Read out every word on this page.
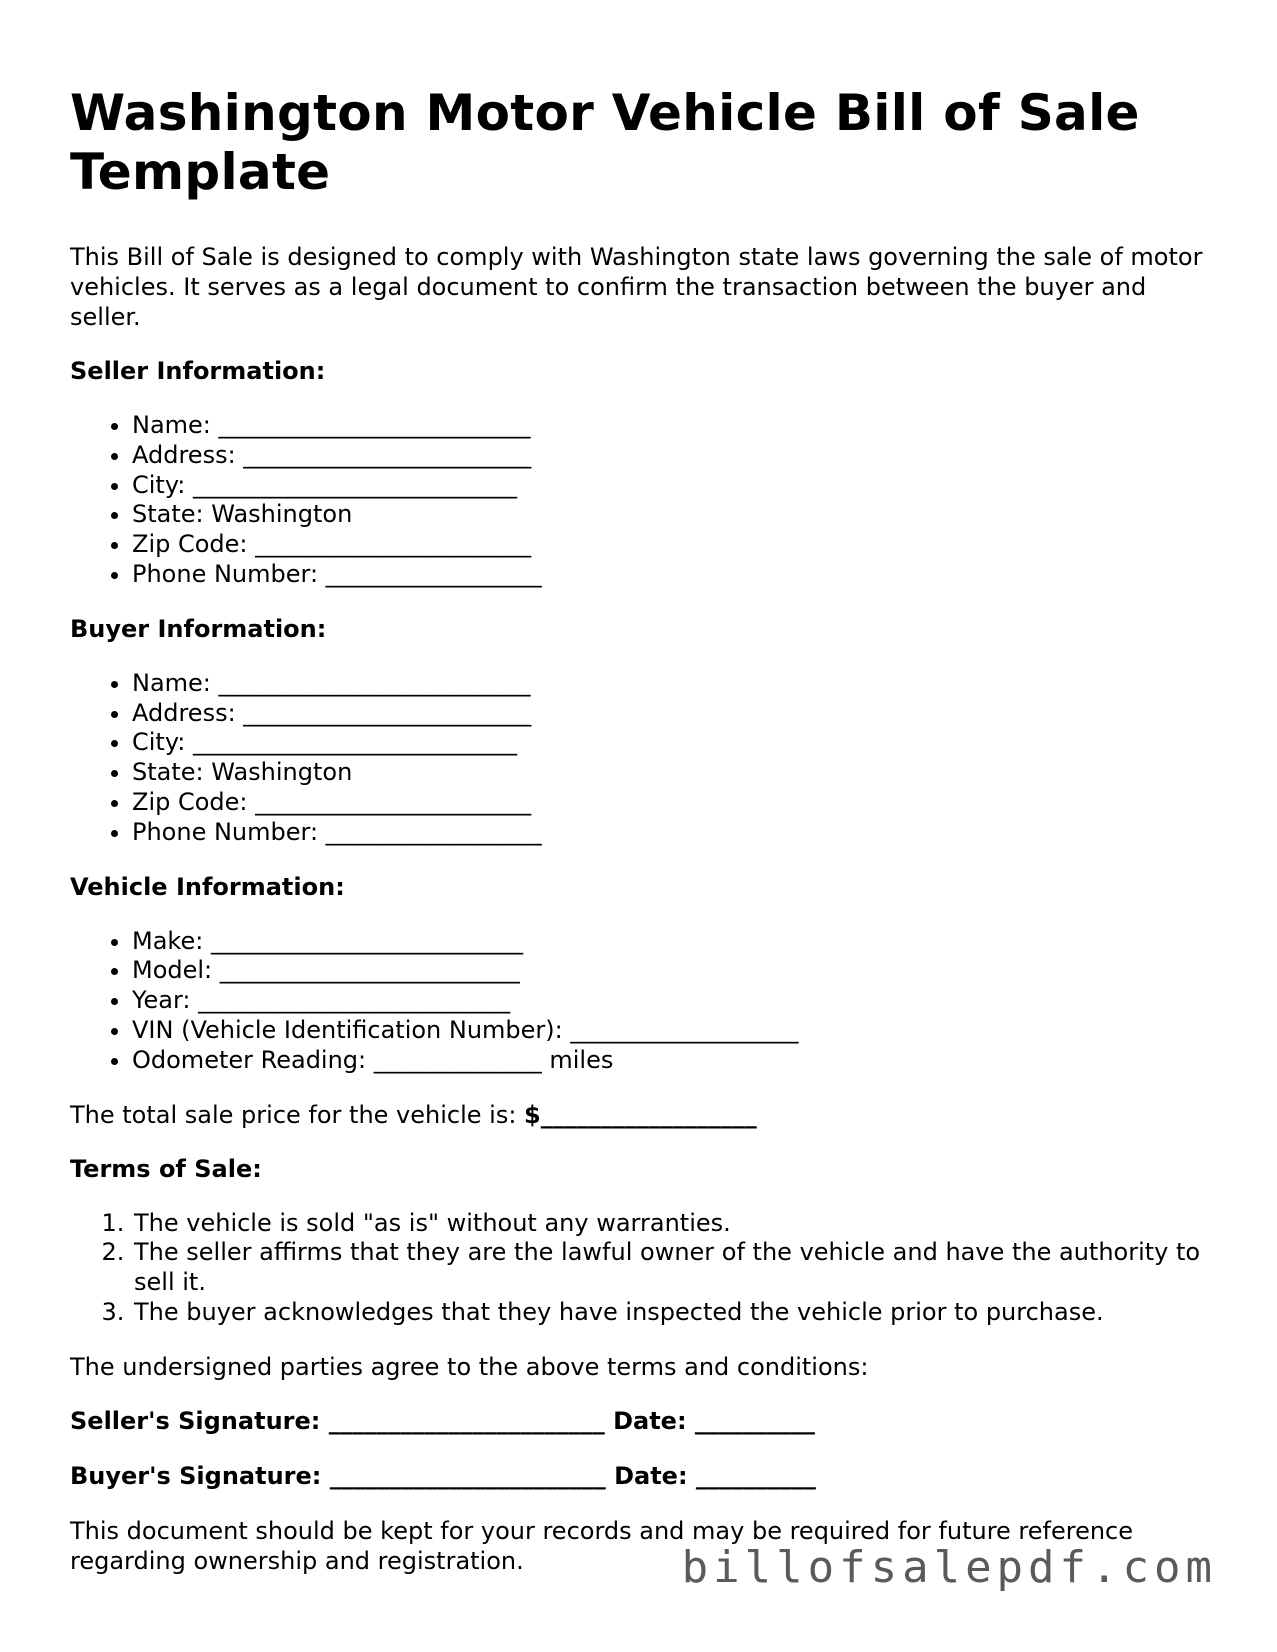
Washington Motor Vehicle Bill of Sale Template

This Bill of Sale is designed to comply with Washington state laws governing the sale of motor vehicles. It serves as a legal document to confirm the transaction between the buyer and seller.

Seller Information:
• Name: __________________________
• Address: ________________________
• City: ___________________________
• State: Washington
• Zip Code: _______________________
• Phone Number: __________________
Buyer Information:
• Name: __________________________
• Address: ________________________
• City: ___________________________
• State: Washington
• Zip Code: _______________________
• Phone Number: __________________
Vehicle Information:
• Make: __________________________
• Model: _________________________
• Year: __________________________
• VIN (Vehicle Identification Number): ___________________
• Odometer Reading: ______________ miles

The total sale price for the vehicle is: $__________________

Terms of Sale:
1. The vehicle is sold "as is" without any warranties.
2. The seller affirms that they are the lawful owner of the vehicle and have the authority to sell it.
3. The buyer acknowledges that they have inspected the vehicle prior to purchase.

The undersigned parties agree to the above terms and conditions:

Seller's Signature: _______________________ Date: __________
Buyer's Signature: _______________________ Date: __________

This document should be kept for your records and may be required for future reference regarding ownership and registration.	billofsalepdf.com
